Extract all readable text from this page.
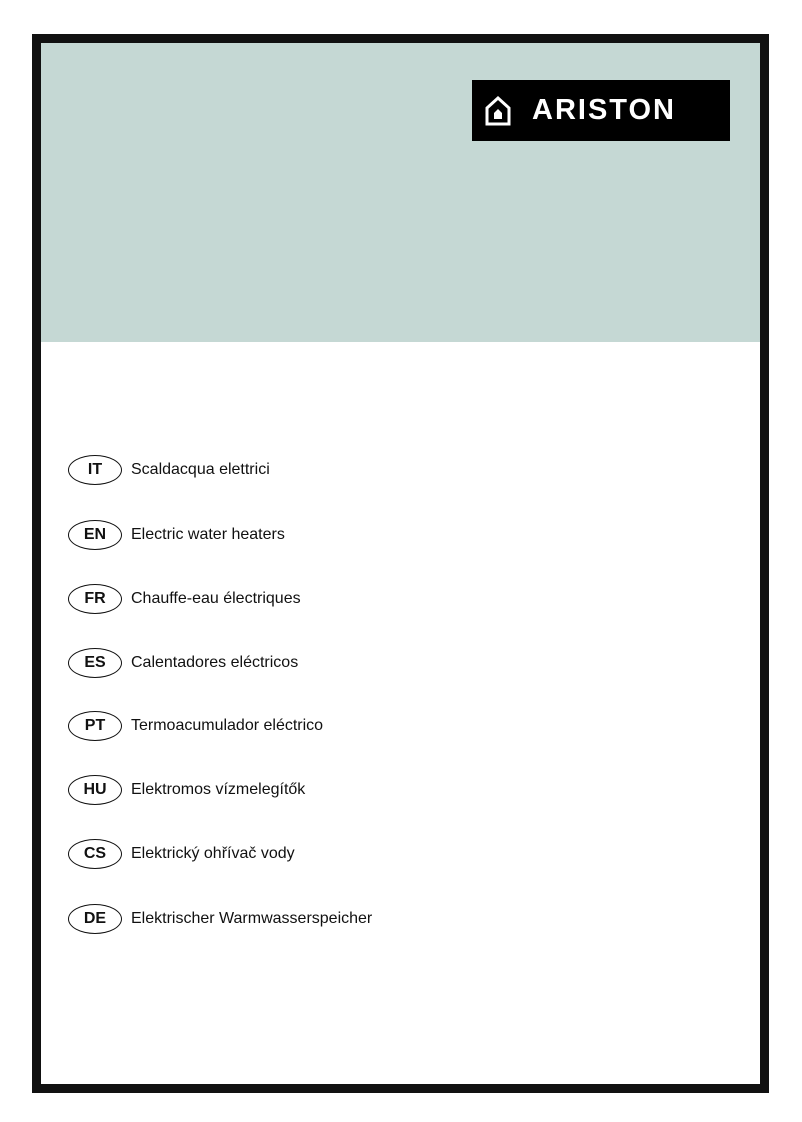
ARISTON
IT	Scaldacqua elettrici
EN	Electric water heaters
FR	Chauffe-eau électriques
ES	Calentadores eléctricos
PT	Termoacumulador eléctrico
HU	Elektromos vízmelegítők
CS	Elektrický ohřívač vody
DE	Elektrischer Warmwasserspeicher
